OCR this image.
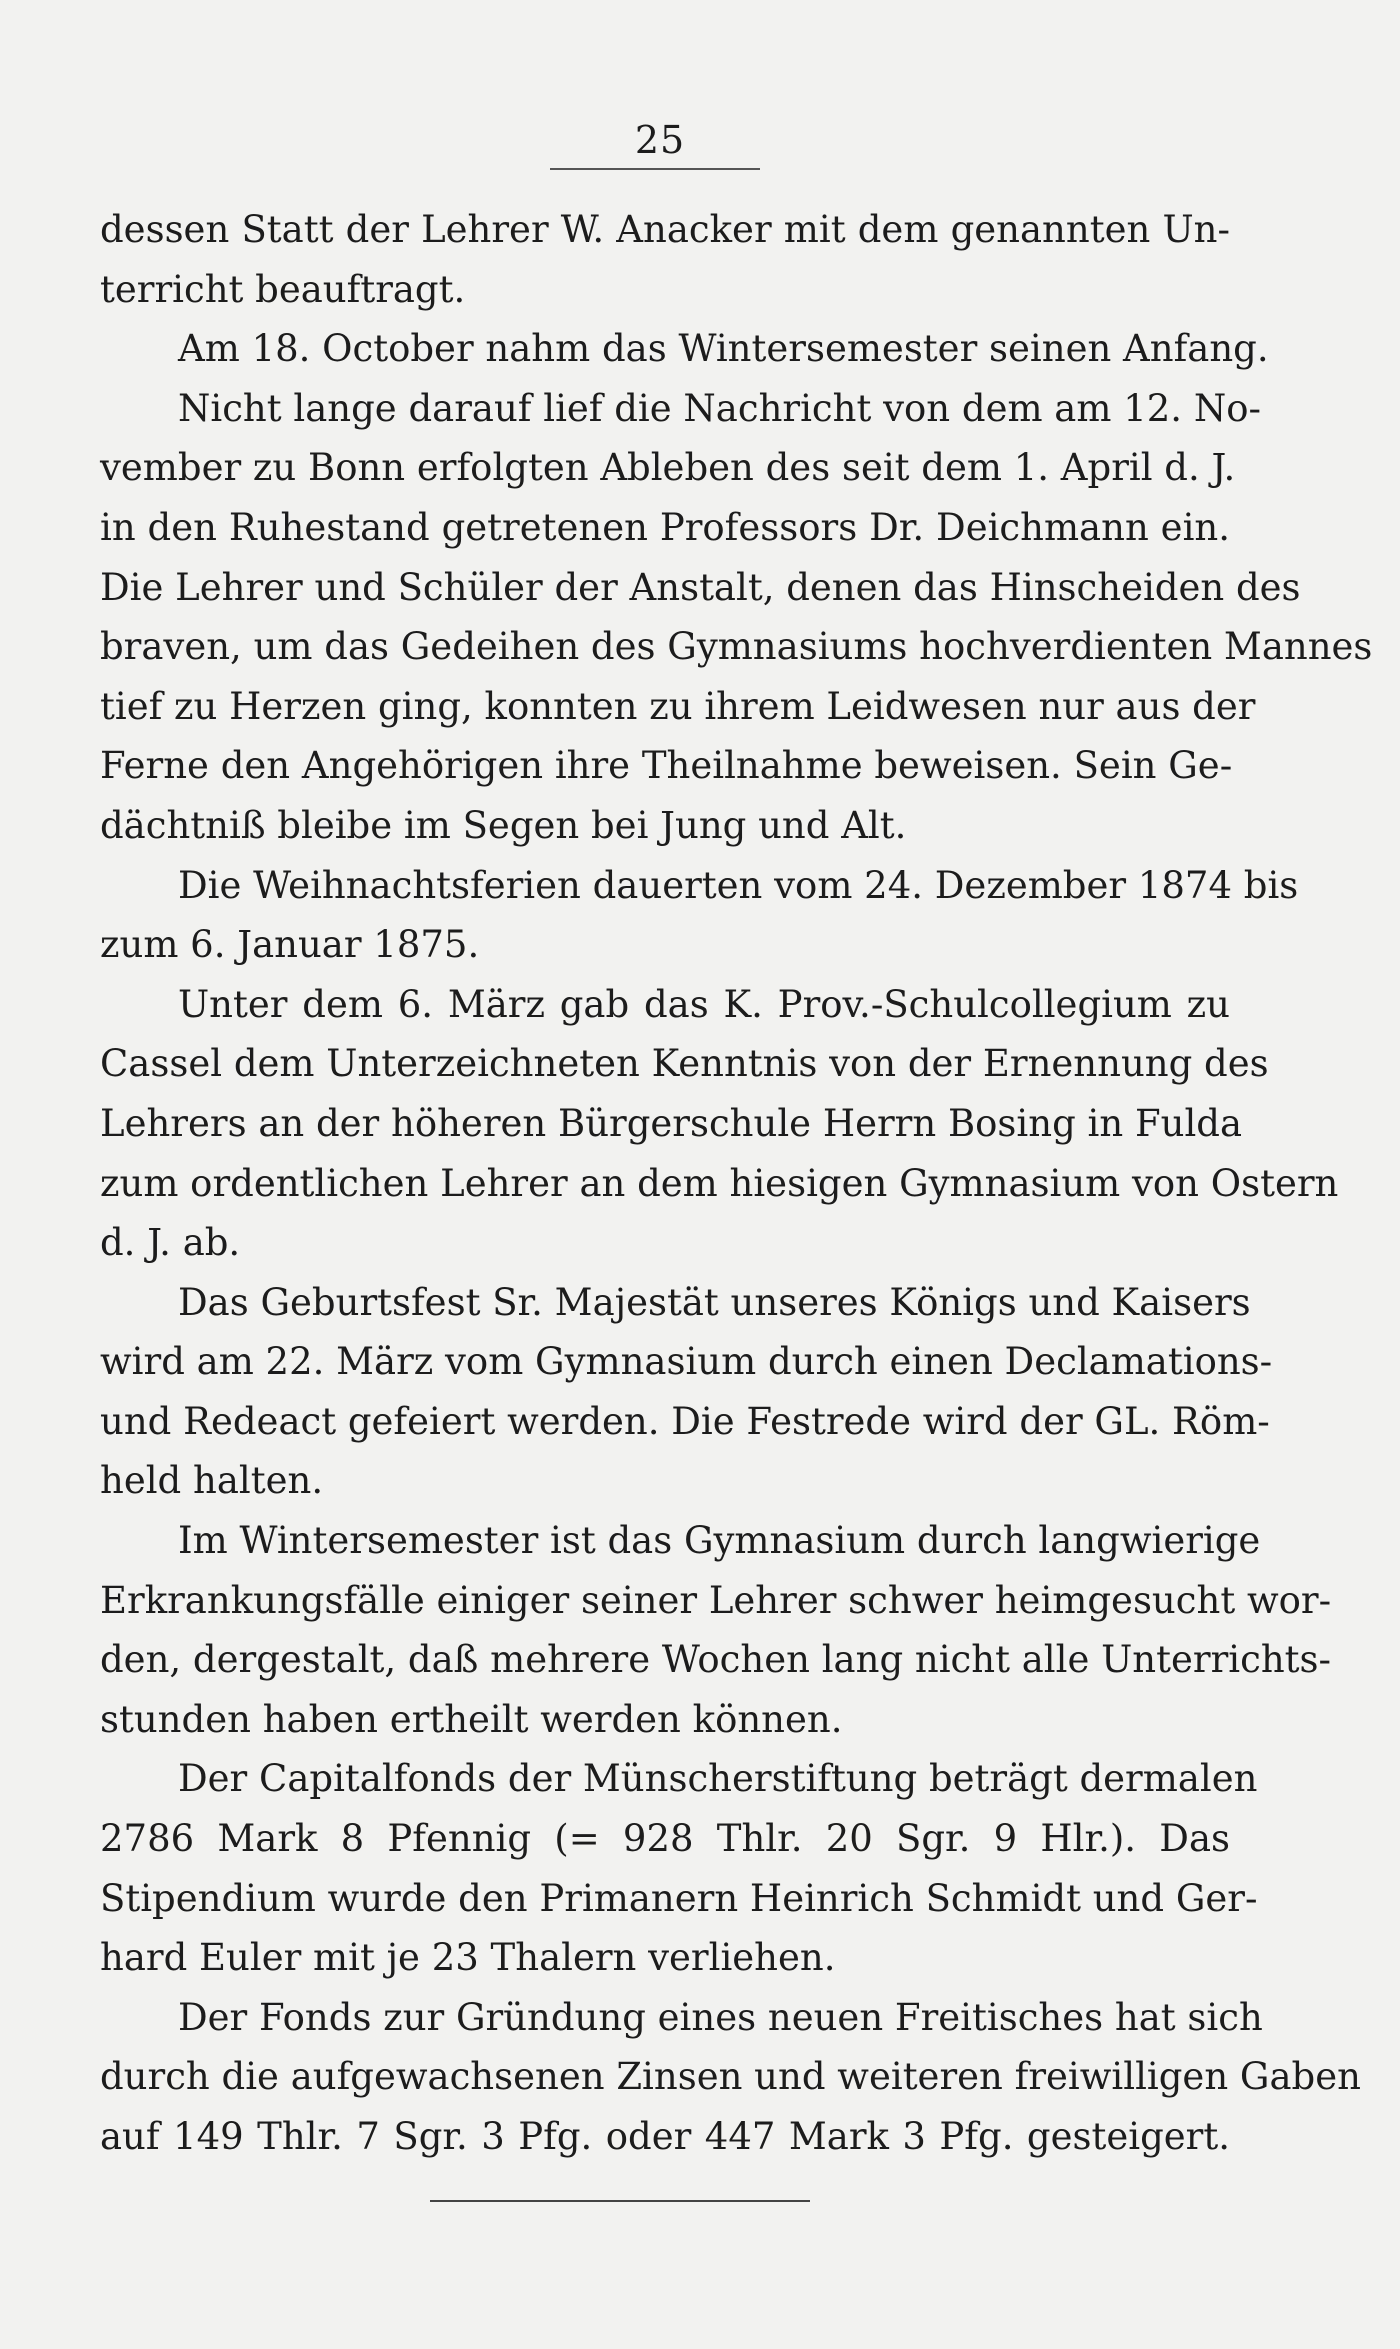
25
dessen Statt der Lehrer W. Anacker mit dem genannten Un-
terricht beauftragt.
Am 18. October nahm das Wintersemester seinen Anfang.
Nicht lange darauf lief die Nachricht von dem am 12. No-
vember zu Bonn erfolgten Ableben des seit dem 1. April d. J.
in den Ruhestand getretenen Professors Dr. Deichmann ein.
Die Lehrer und Schüler der Anstalt, denen das Hinscheiden des
braven, um das Gedeihen des Gymnasiums hochverdienten Mannes
tief zu Herzen ging, konnten zu ihrem Leidwesen nur aus der
Ferne den Angehörigen ihre Theilnahme beweisen. Sein Ge-
dächtniß bleibe im Segen bei Jung und Alt.
Die Weihnachtsferien dauerten vom 24. Dezember 1874 bis
zum 6. Januar 1875.
Unter dem 6. März gab das K. Prov.-Schulcollegium zu
Cassel dem Unterzeichneten Kenntnis von der Ernennung des
Lehrers an der höheren Bürgerschule Herrn Bosing in Fulda
zum ordentlichen Lehrer an dem hiesigen Gymnasium von Ostern
d. J. ab.
Das Geburtsfest Sr. Majestät unseres Königs und Kaisers
wird am 22. März vom Gymnasium durch einen Declamations-
und Redeact gefeiert werden. Die Festrede wird der GL. Röm-
held halten.
Im Wintersemester ist das Gymnasium durch langwierige
Erkrankungsfälle einiger seiner Lehrer schwer heimgesucht wor-
den, dergestalt, daß mehrere Wochen lang nicht alle Unterrichts-
stunden haben ertheilt werden können.
Der Capitalfonds der Münscherstiftung beträgt dermalen
2786 Mark 8 Pfennig (= 928 Thlr. 20 Sgr. 9 Hlr.). Das
Stipendium wurde den Primanern Heinrich Schmidt und Ger-
hard Euler mit je 23 Thalern verliehen.
Der Fonds zur Gründung eines neuen Freitisches hat sich
durch die aufgewachsenen Zinsen und weiteren freiwilligen Gaben
auf 149 Thlr. 7 Sgr. 3 Pfg. oder 447 Mark 3 Pfg. gesteigert.
